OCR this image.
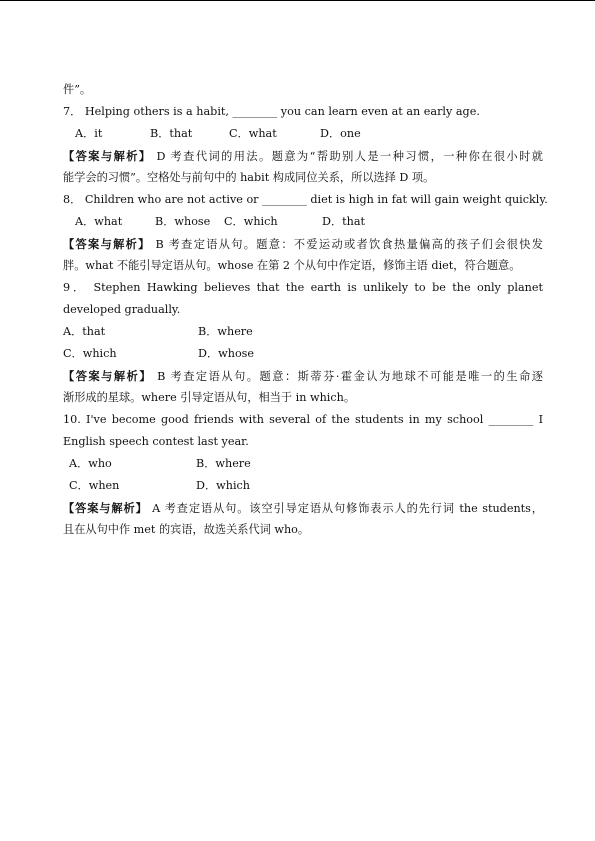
件”。
7． Helping others is a habit, ________ you can learn even at an early age.
A．it	B．that	C．what	D．one
【答案与解析】 D 考查代词的用法。题意为“帮助别人是一种习惯，一种你在很小时就
能学会的习惯”。空格处与前句中的 habit 构成同位关系，所以选择 D 项。
8． Children who are not active or ________ diet is high in fat will gain weight quickly.
A．what	B．whose C．which	D．that
【答案与解析】 B 考查定语从句。题意：不爱运动或者饮食热量偏高的孩子们会很快发
胖。what 不能引导定语从句。whose 在第 2 个从句中作定语，修饰主语 diet，符合题意。
9． Stephen Hawking believes that the earth is unlikely to be the only planet
developed gradually.
A．that	B．where
C．which	D．whose
【答案与解析】 B 考查定语从句。题意：斯蒂芬·霍金认为地球不可能是唯一的生命逐
渐形成的星球。where 引导定语从句，相当于 in which。
10. I've become good friends with several of the students in my school ________ I
English speech contest last year.
A．who	B．where
C．when	D．which
【答案与解析】 A 考查定语从句。该空引导定语从句修饰表示人的先行词 the students，
且在从句中作 met 的宾语，故选关系代词 who。
